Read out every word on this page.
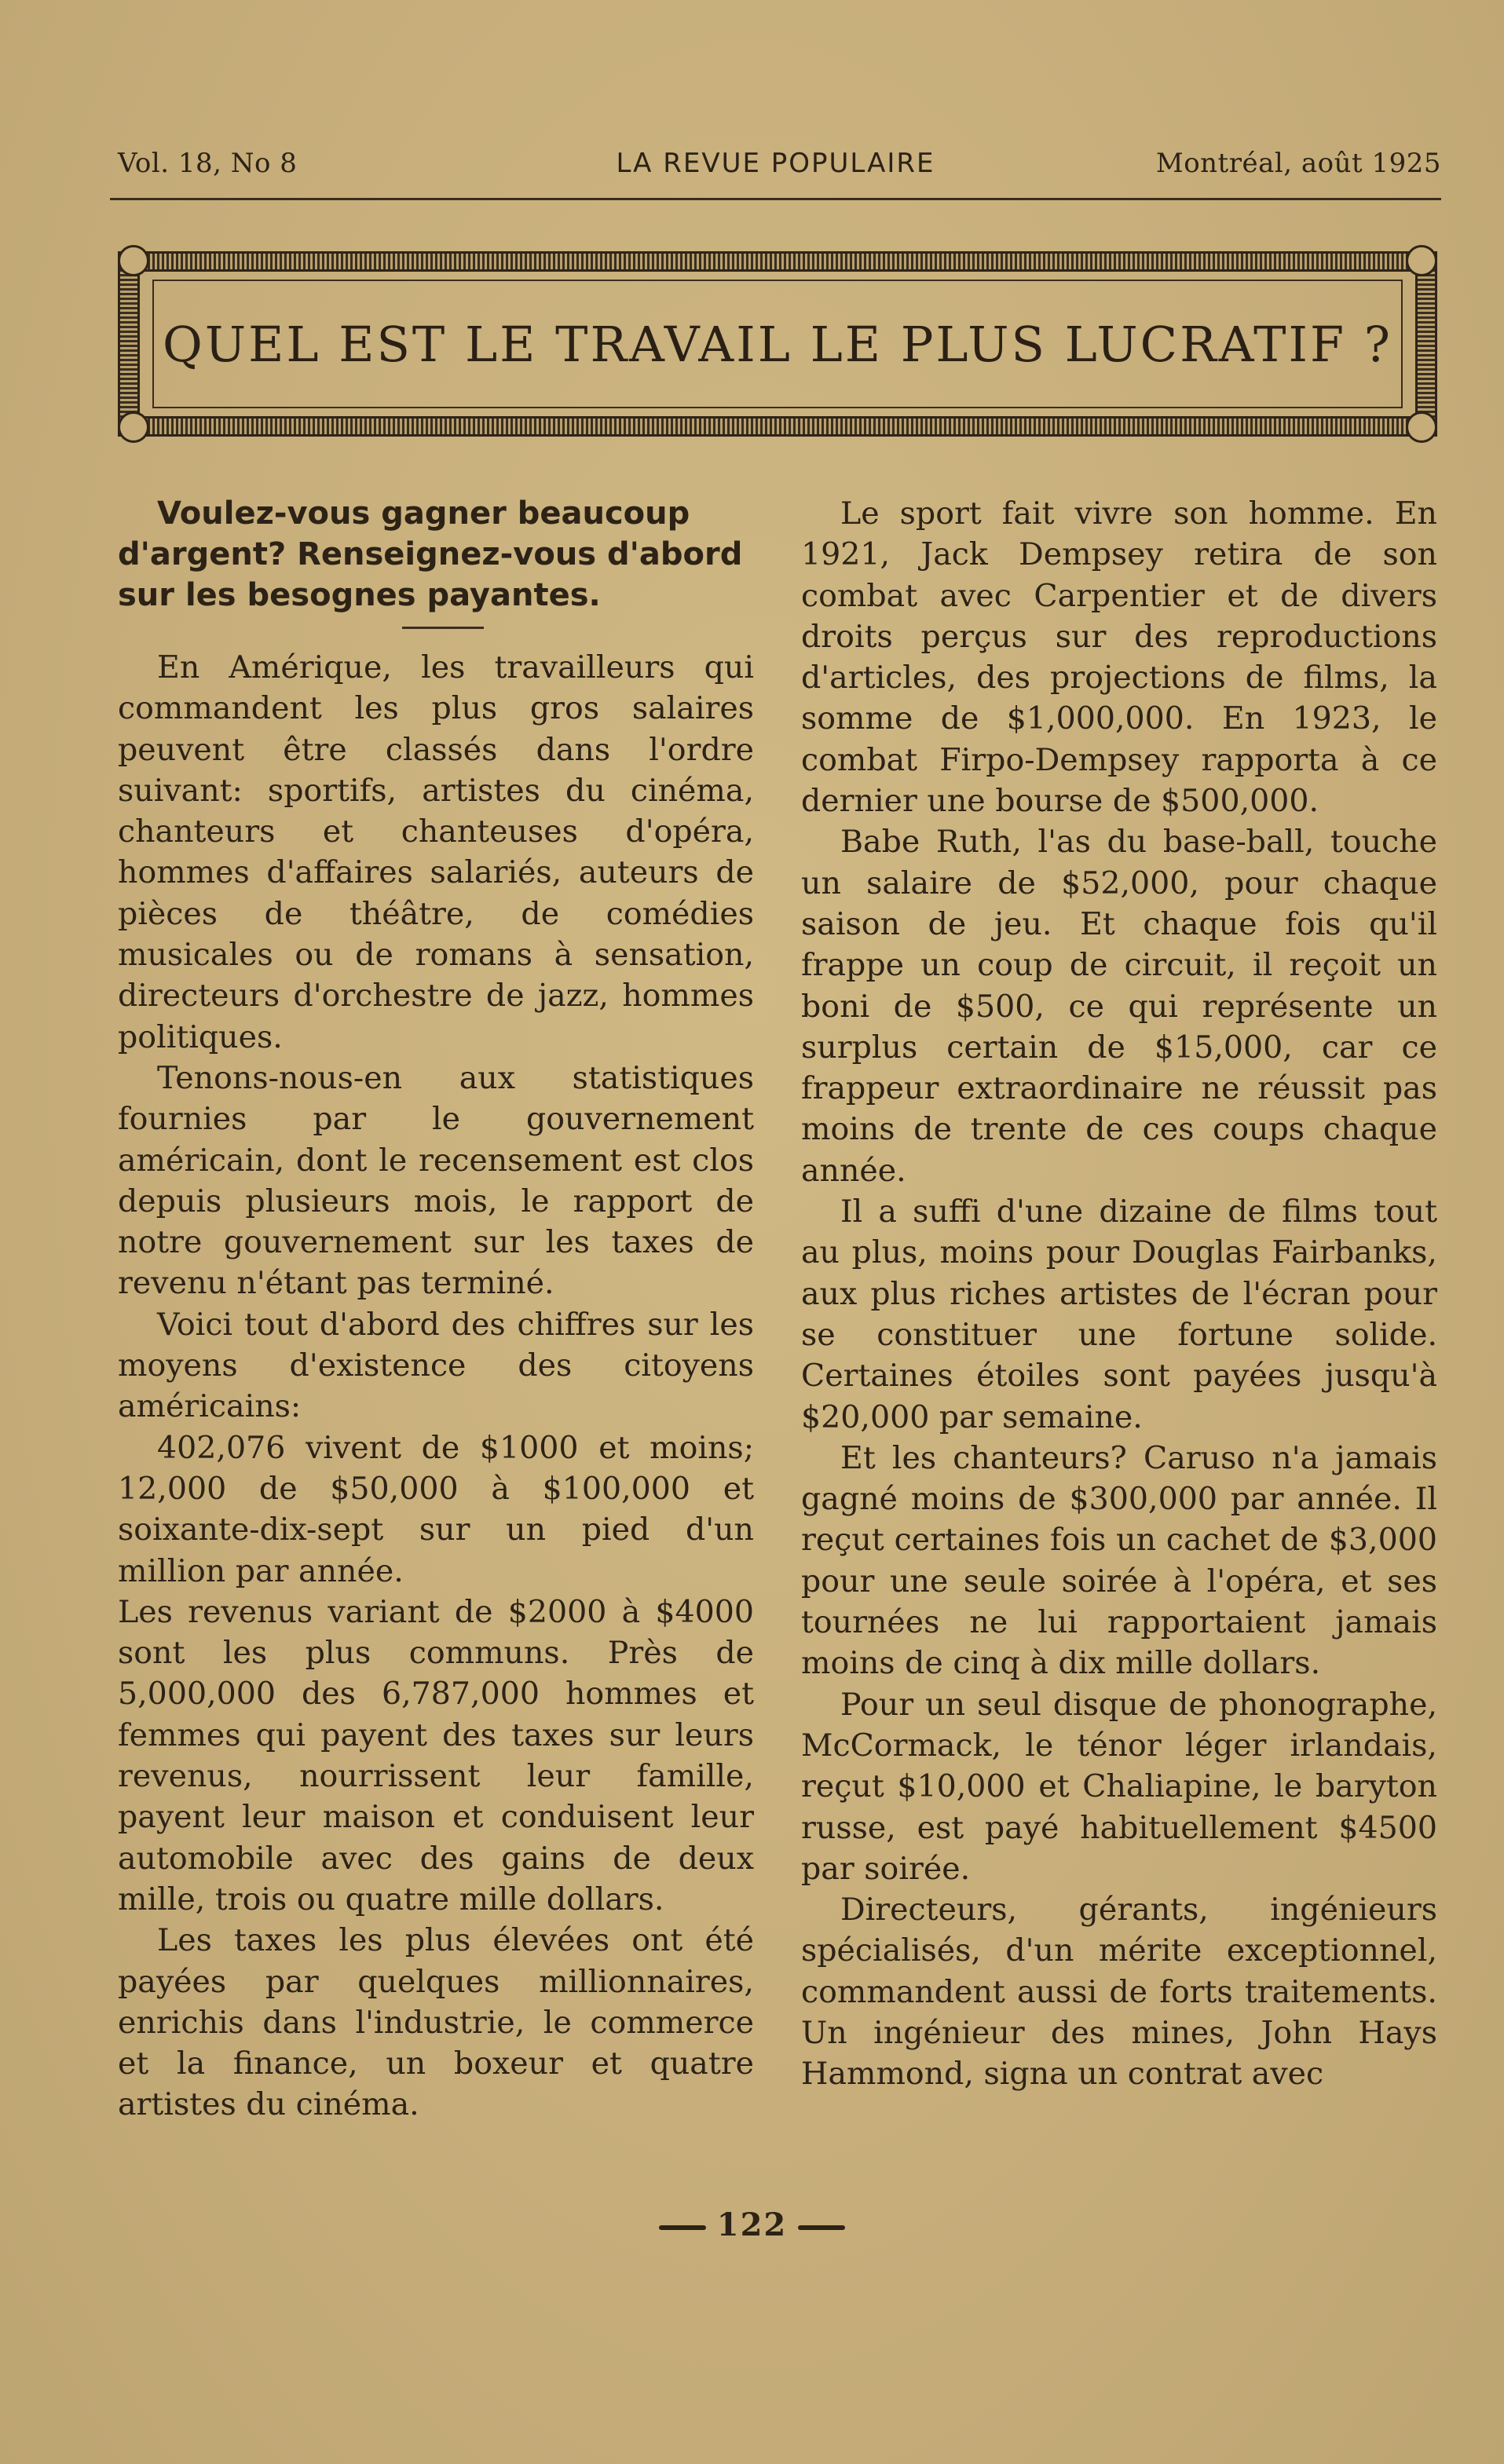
Vol. 18, No 8	LA REVUE POPULAIRE	Montréal, août 1925
QUEL EST LE TRAVAIL LE PLUS LUCRATIF ?

Voulez-vous gagner beaucoup d'argent? Renseignez-vous d'abord sur les besognes payantes.

En Amérique, les travailleurs qui commandent les plus gros salaires peuvent être classés dans l'ordre suivant: sportifs, artistes du cinéma, chanteurs et chanteuses d'opéra, hommes d'affaires salariés, auteurs de pièces de théâtre, de comédies musicales ou de romans à sensation, directeurs d'orchestre de jazz, hommes politiques.

Tenons-nous-en aux statistiques fournies par le gouvernement américain, dont le recensement est clos depuis plusieurs mois, le rapport de notre gouvernement sur les taxes de revenu n'étant pas terminé.

Voici tout d'abord des chiffres sur les moyens d'existence des citoyens américains:

402,076 vivent de $1000 et moins; 12,000 de $50,000 à $100,000 et soixante-dix-sept sur un pied d'un million par année.

Les revenus variant de $2000 à $4000 sont les plus communs. Près de 5,000,000 des 6,787,000 hommes et femmes qui payent des taxes sur leurs revenus, nourrissent leur famille, payent leur maison et conduisent leur automobile avec des gains de deux mille, trois ou quatre mille dollars.

Les taxes les plus élevées ont été payées par quelques millionnaires, enrichis dans l'industrie, le commerce et la finance, un boxeur et quatre artistes du cinéma.

Le sport fait vivre son homme. En 1921, Jack Dempsey retira de son combat avec Carpentier et de divers droits perçus sur des reproductions d'articles, des projections de films, la somme de $1,000,000. En 1923, le combat Firpo-Dempsey rapporta à ce dernier une bourse de $500,000.

Babe Ruth, l'as du base-ball, touche un salaire de $52,000, pour chaque saison de jeu. Et chaque fois qu'il frappe un coup de circuit, il reçoit un boni de $500, ce qui représente un surplus certain de $15,000, car ce frappeur extraordinaire ne réussit pas moins de trente de ces coups chaque année.

Il a suffi d'une dizaine de films tout au plus, moins pour Douglas Fairbanks, aux plus riches artistes de l'écran pour se constituer une fortune solide. Certaines étoiles sont payées jusqu'à $20,000 par semaine.

Et les chanteurs? Caruso n'a jamais gagné moins de $300,000 par année. Il reçut certaines fois un cachet de $3,000 pour une seule soirée à l'opéra, et ses tournées ne lui rapportaient jamais moins de cinq à dix mille dollars.

Pour un seul disque de phonographe, McCormack, le ténor léger irlandais, reçut $10,000 et Chaliapine, le baryton russe, est payé habituellement $4500 par soirée.

Directeurs, gérants, ingénieurs spécialisés, d'un mérite exceptionnel, commandent aussi de forts traitements. Un ingénieur des mines, John Hays Hammond, signa un contrat avec

122
